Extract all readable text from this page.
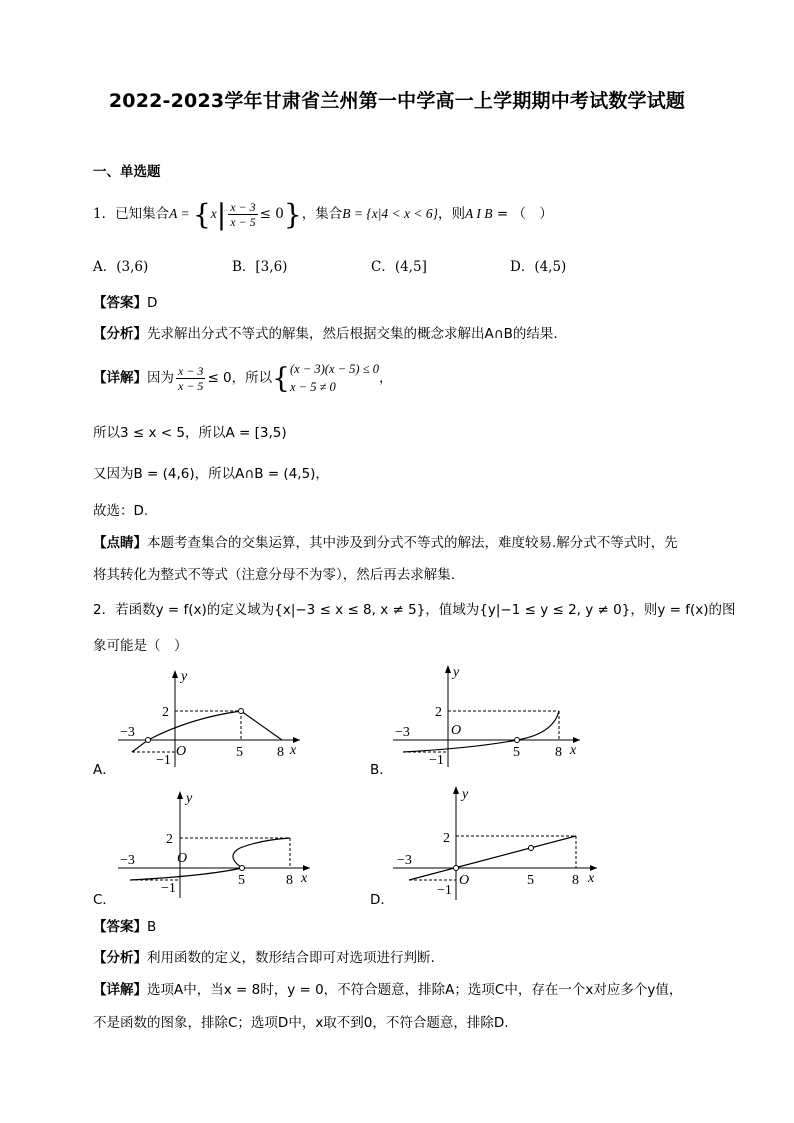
2022-2023学年甘肃省兰州第一中学高一上学期期中考试数学试题
一、单选题
1．已知集合$A = \{x| \frac{x - 3}{x - 5} \le 0\}$，集合B = {x|4 < x < 6}，则A I B = （　）
A．(3,6)	B．[3,6)	C．(4,5]	D．(4,5)
【答案】D
【分析】先求解出分式不等式的解集，然后根据交集的概念求解出A∩B的结果.
【详解】因为 $\frac{x - 3}{x - 5} \le 0$，所以{ (x − 3)(x − 5) ≤ 0
x − 5 ≠ 0
，
所以3 ≤ x < 5，所以A = [3,5)
又因为B = (4,6)，所以A∩B = (4,5)，
故选：D.
【点睛】本题考查集合的交集运算，其中涉及到分式不等式的解法，难度较易.解分式不等式时，先
将其转化为整式不等式（注意分母不为零），然后再去求解集.
2．若函数y = f(x)的定义域为{x|−3 ≤ x ≤ 8, x ≠ 5}，值域为{y|−1 ≤ y ≤ 2, y ≠ 0}，则y = f(x)的图
象可能是（　）
y
x
O
−3
−1
2
5 8
A．
y
x
O
−3
−1
2
5	8
B．
y
x
O
−3
−1
2
5	8
C．
y
x
O
−3
−1
2
5	8
D．
【答案】B
【分析】利用函数的定义，数形结合即可对选项进行判断.
【详解】选项A中，当x = 8时，y = 0，不符合题意，排除A；选项C中，存在一个x对应多个y值，
不是函数的图象，排除C；选项D中，x取不到0，不符合题意，排除D.
